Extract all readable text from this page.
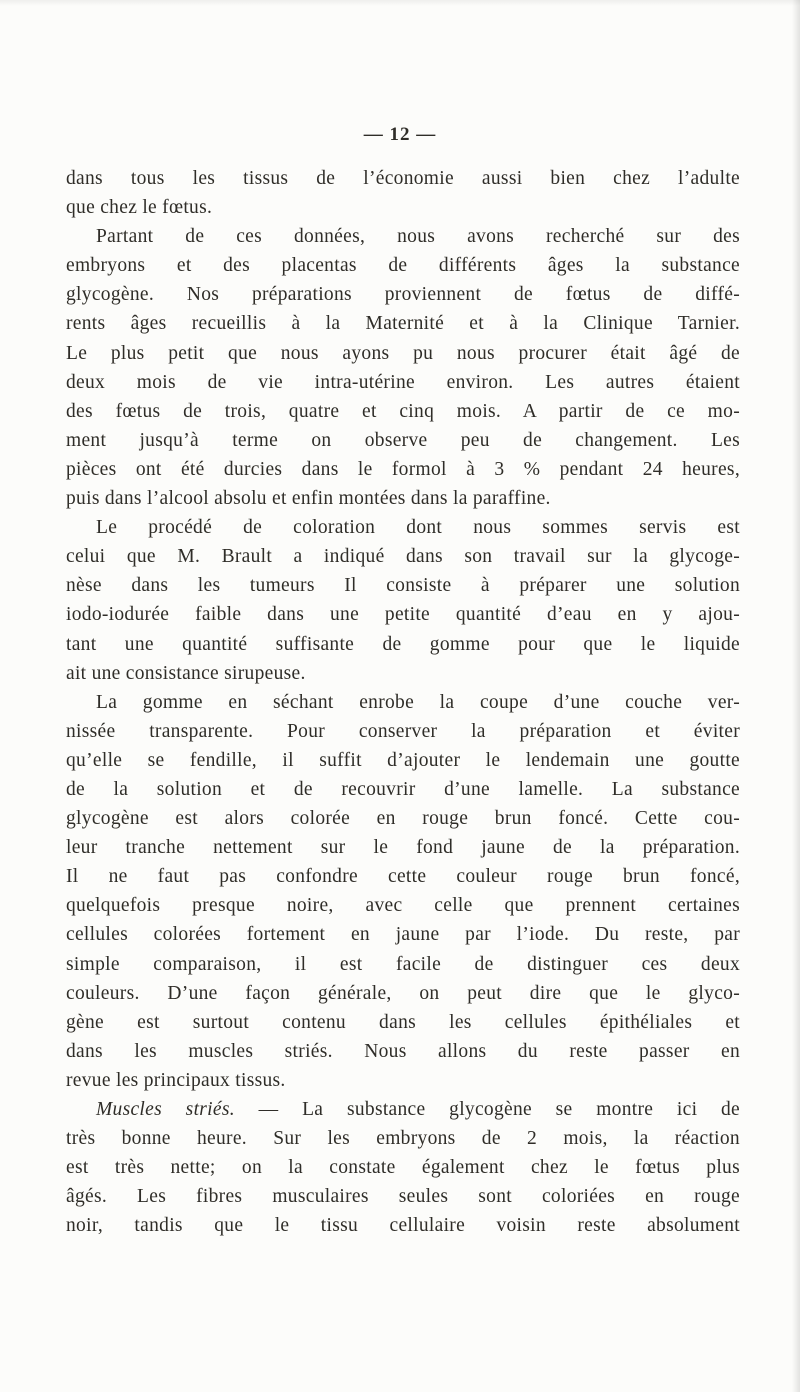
— 12 —
dans tous les tissus de l’économie aussi bien chez l’adulte
que chez le fœtus.
Partant de ces données, nous avons recherché sur des
embryons et des placentas de différents âges la substance
glycogène. Nos préparations proviennent de fœtus de diffé-
rents âges recueillis à la Maternité et à la Clinique Tarnier.
Le plus petit que nous ayons pu nous procurer était âgé de
deux mois de vie intra-utérine environ. Les autres étaient
des fœtus de trois, quatre et cinq mois. A partir de ce mo-
ment jusqu’à terme on observe peu de changement. Les
pièces ont été durcies dans le formol à 3 % pendant 24 heures,
puis dans l’alcool absolu et enfin montées dans la paraffine.
Le procédé de coloration dont nous sommes servis est
celui que M. Brault a indiqué dans son travail sur la glycoge-
nèse dans les tumeurs Il consiste à préparer une solution
iodo-iodurée faible dans une petite quantité d’eau en y ajou-
tant une quantité suffisante de gomme pour que le liquide
ait une consistance sirupeuse.
La gomme en séchant enrobe la coupe d’une couche ver-
nissée transparente. Pour conserver la préparation et éviter
qu’elle se fendille, il suffit d’ajouter le lendemain une goutte
de la solution et de recouvrir d’une lamelle. La substance
glycogène est alors colorée en rouge brun foncé. Cette cou-
leur tranche nettement sur le fond jaune de la préparation.
Il ne faut pas confondre cette couleur rouge brun foncé,
quelquefois presque noire, avec celle que prennent certaines
cellules colorées fortement en jaune par l’iode. Du reste, par
simple comparaison, il est facile de distinguer ces deux
couleurs. D’une façon générale, on peut dire que le glyco-
gène est surtout contenu dans les cellules épithéliales et
dans les muscles striés. Nous allons du reste passer en
revue les principaux tissus.
Muscles striés. — La substance glycogène se montre ici de
très bonne heure. Sur les embryons de 2 mois, la réaction
est très nette; on la constate également chez le fœtus plus
âgés. Les fibres musculaires seules sont coloriées en rouge
noir, tandis que le tissu cellulaire voisin reste absolument
